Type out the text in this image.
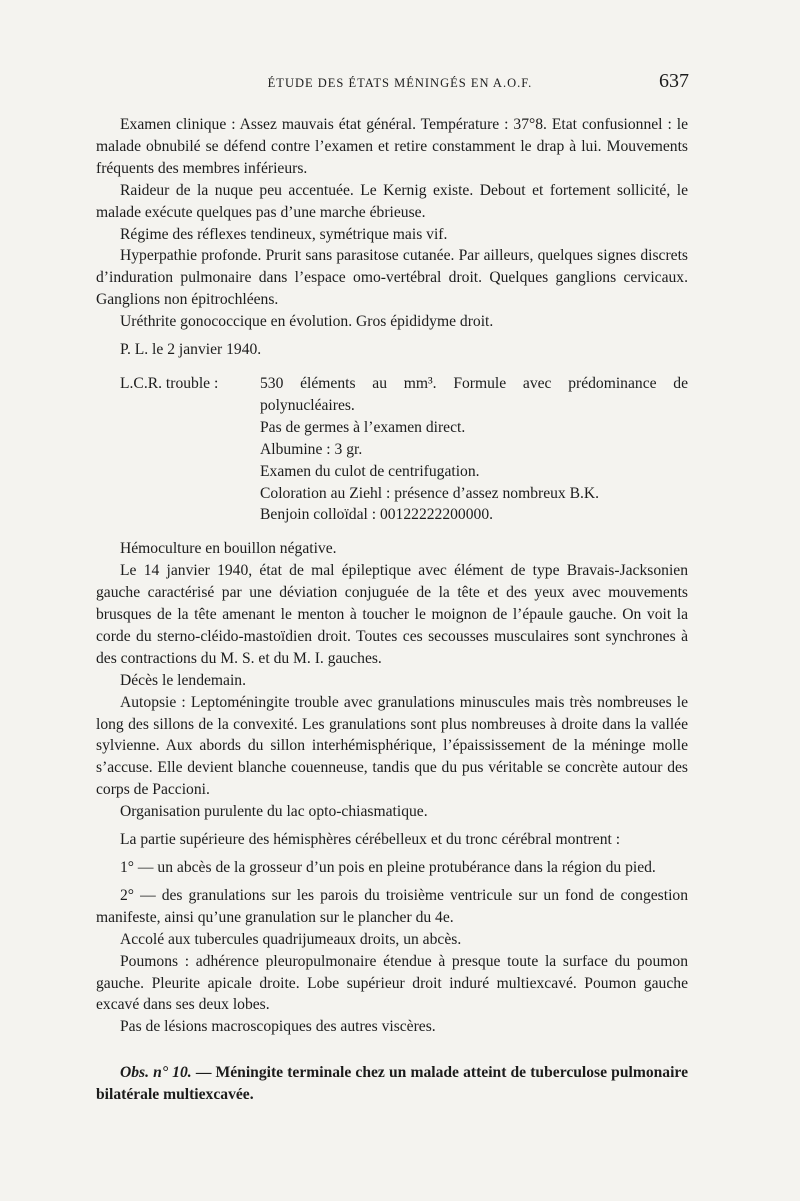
ÉTUDE DES ÉTATS MÉNINGÉS EN A.O.F.	637

Examen clinique : Assez mauvais état général. Température : 37°8. Etat confusionnel : le malade obnubilé se défend contre l’examen et retire constamment le drap à lui. Mouvements fréquents des membres inférieurs.

Raideur de la nuque peu accentuée. Le Kernig existe. Debout et fortement sollicité, le malade exécute quelques pas d’une marche ébrieuse.

Régime des réflexes tendineux, symétrique mais vif.

Hyperpathie profonde. Prurit sans parasitose cutanée. Par ailleurs, quelques signes discrets d’induration pulmonaire dans l’espace omo-vertébral droit. Quelques ganglions cervicaux. Ganglions non épitrochléens.

Uréthrite gonococcique en évolution. Gros épididyme droit.

P. L. le 2 janvier 1940.

L.C.R. trouble :	530 éléments au mm³. Formule avec prédominance de
polynucléaires.
Pas de germes à l’examen direct.
Albumine : 3 gr.
Examen du culot de centrifugation.
Coloration au Ziehl : présence d’assez nombreux B.K.
Benjoin colloïdal : 00122222200000.

Hémoculture en bouillon négative.

Le 14 janvier 1940, état de mal épileptique avec élément de type Bravais-Jacksonien gauche caractérisé par une déviation conjuguée de la tête et des yeux avec mouvements brusques de la tête amenant le menton à toucher le moignon de l’épaule gauche. On voit la corde du sterno-cléido-mastoïdien droit. Toutes ces secousses musculaires sont synchrones à des contractions du M. S. et du M. I. gauches.

Décès le lendemain.

Autopsie : Leptoméningite trouble avec granulations minuscules mais très nombreuses le long des sillons de la convexité. Les granulations sont plus nombreuses à droite dans la vallée sylvienne. Aux abords du sillon interhémisphérique, l’épaississement de la méninge molle s’accuse. Elle devient blanche couenneuse, tandis que du pus véritable se concrète autour des corps de Paccioni.

Organisation purulente du lac opto-chiasmatique.

La partie supérieure des hémisphères cérébelleux et du tronc cérébral montrent :

1° — un abcès de la grosseur d’un pois en pleine protubérance dans la région du pied.

2° — des granulations sur les parois du troisième ventricule sur un fond de congestion manifeste, ainsi qu’une granulation sur le plancher du 4e.

Accolé aux tubercules quadrijumeaux droits, un abcès.

Poumons : adhérence pleuropulmonaire étendue à presque toute la surface du poumon gauche. Pleurite apicale droite. Lobe supérieur droit induré multiexcavé. Poumon gauche excavé dans ses deux lobes.

Pas de lésions macroscopiques des autres viscères.

Obs. n° 10. — Méningite terminale chez un malade atteint de tuberculose pulmonaire bilatérale multiexcavée.
